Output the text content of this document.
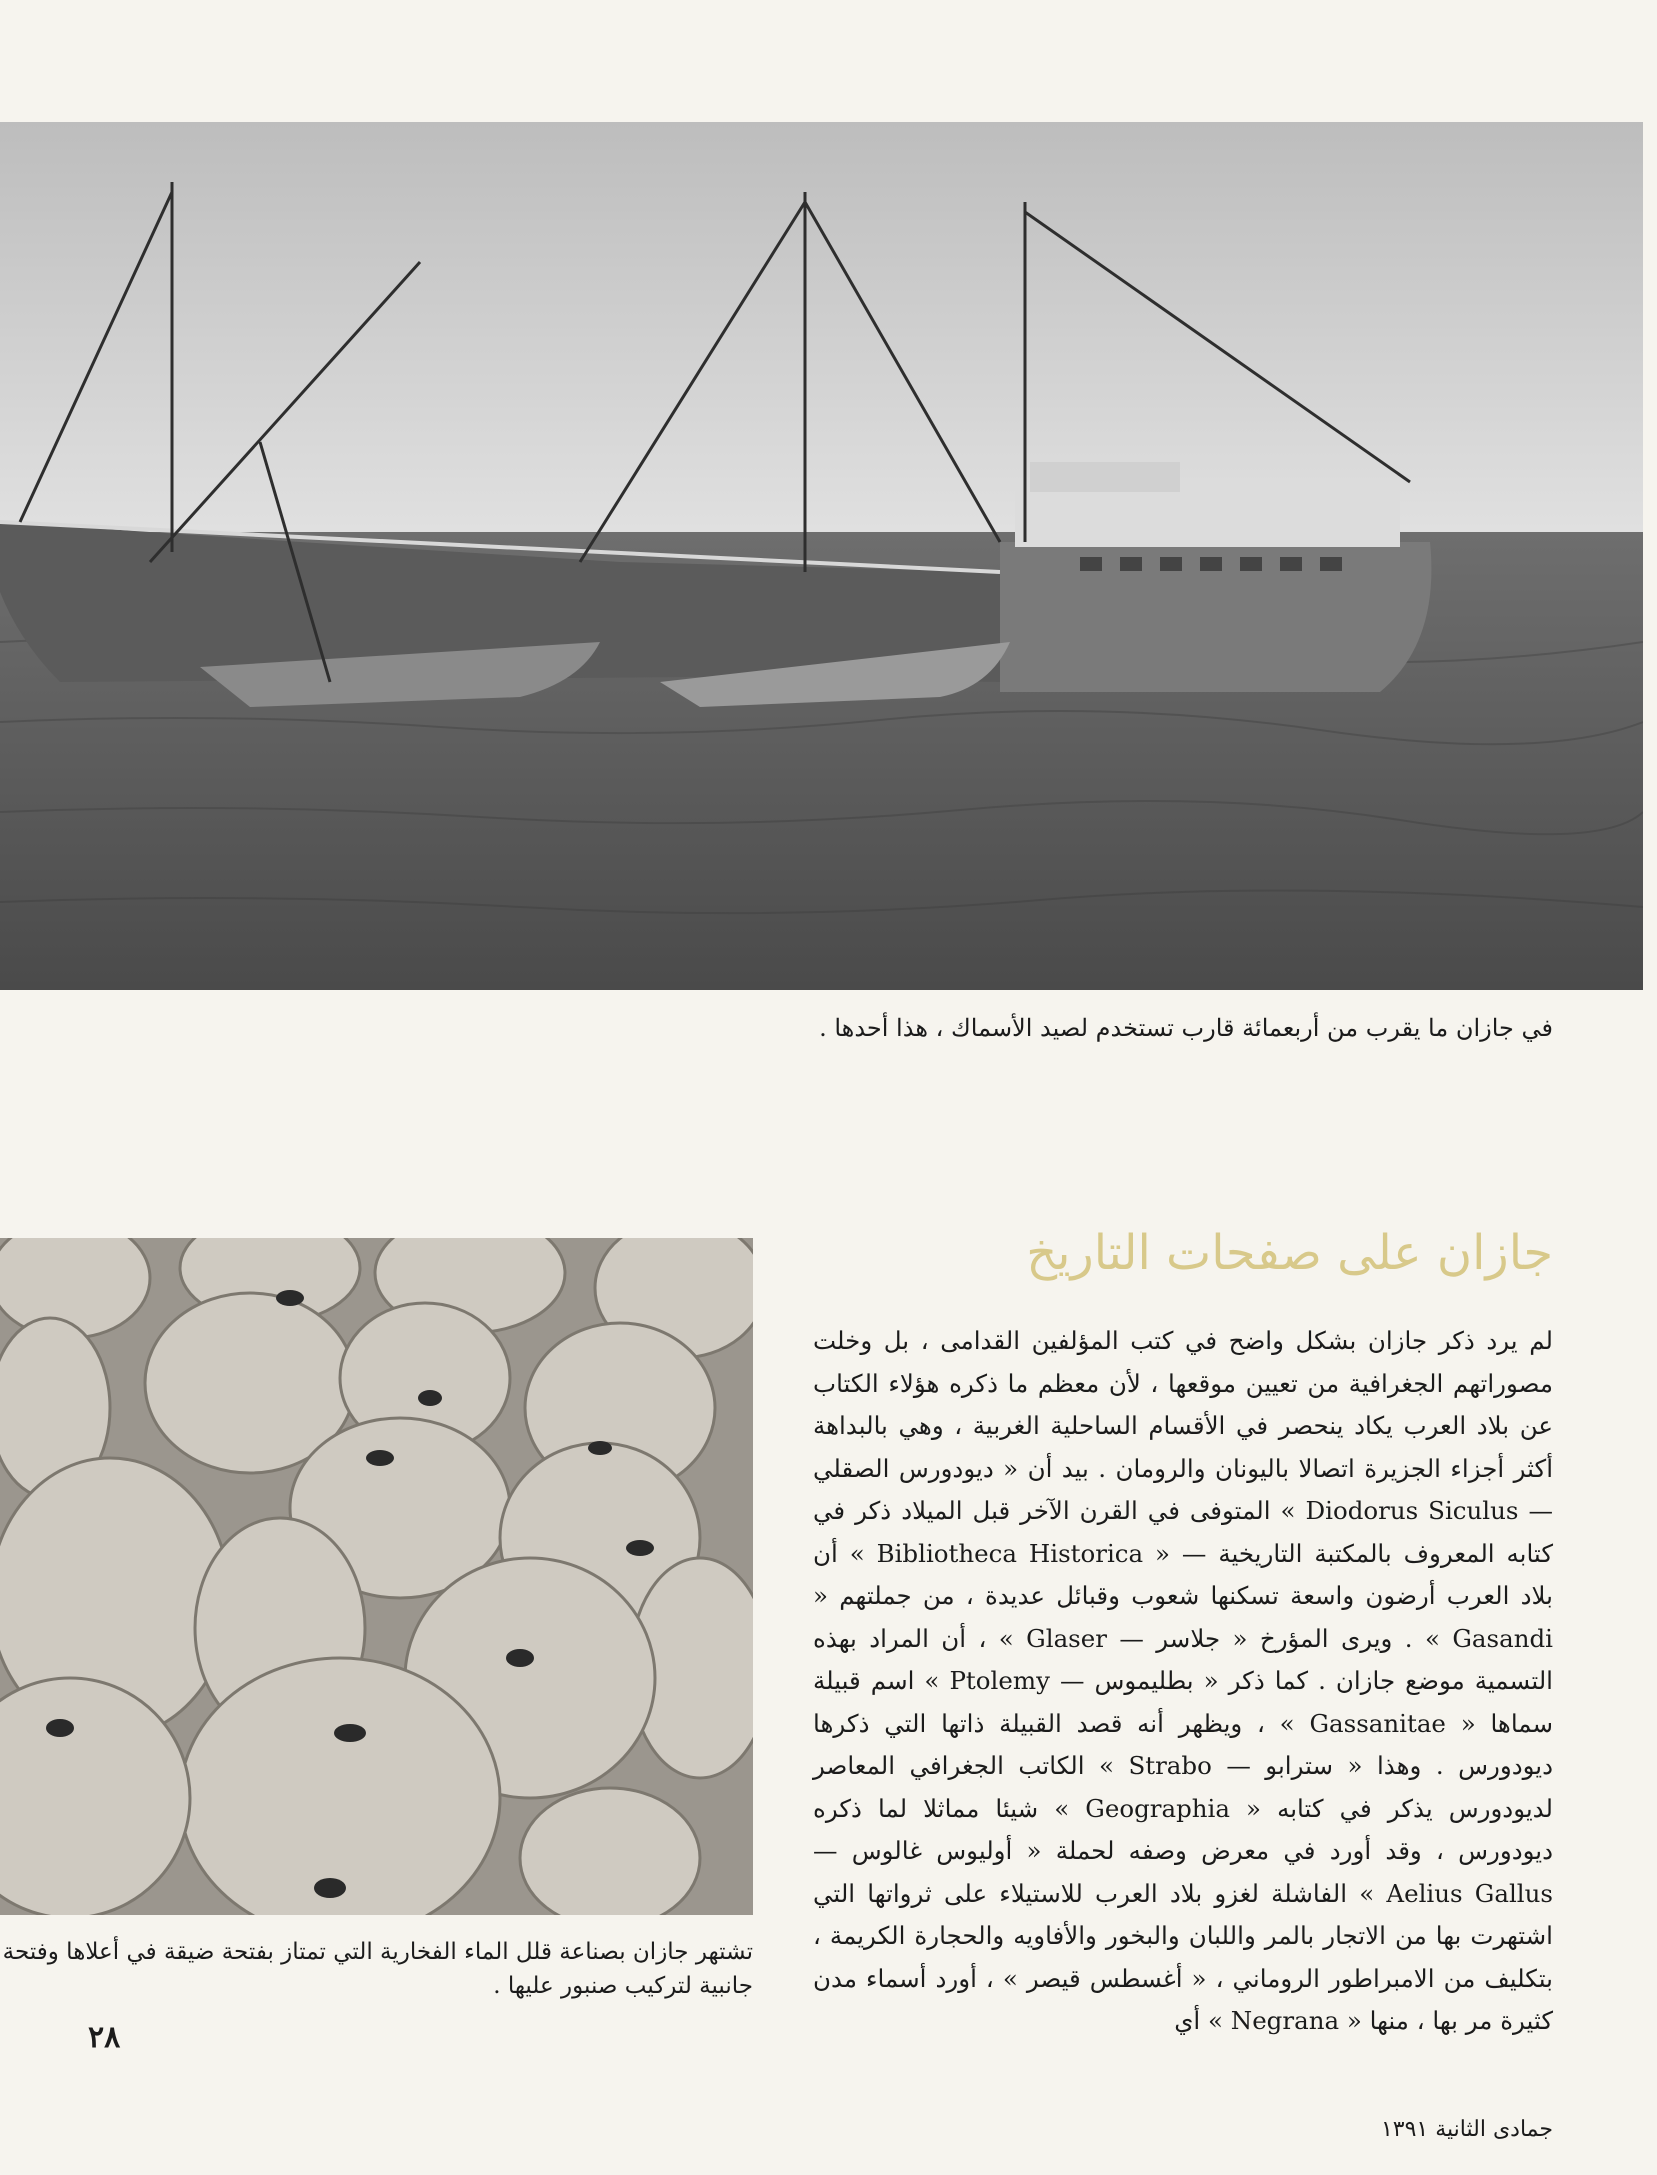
في جازان ما يقرب من أربعمائة قارب تستخدم لصيد الأسماك ، هذا أحدها .
تشتهر جازان بصناعة قلل الماء الفخارية التي تمتاز بفتحة ضيقة في أعلاها وفتحة جانبية لتركيب صنبور عليها .
جازان على صفحات التاريخ

لم يرد ذكر جازان بشكل واضح في كتب المؤلفين القدامى ، بل وخلت مصوراتهم الجغرافية من تعيين موقعها ، لأن معظم ما ذكره هؤلاء الكتاب عن بلاد العرب يكاد ينحصر في الأقسام الساحلية الغربية ، وهي بالبداهة أكثر أجزاء الجزيرة اتصالا باليونان والرومان . بيد أن « ديودورس الصقلي — Diodorus Siculus » المتوفى في القرن الآخر قبل الميلاد ذكر في كتابه المعروف بالمكتبة التاريخية — « Bibliotheca Historica » أن بلاد العرب أرضون واسعة تسكنها شعوب وقبائل عديدة ، من جملتهم « Gasandi » . ويرى المؤرخ « جلاسر — Glaser » ، أن المراد بهذه التسمية موضع جازان . كما ذكر « بطليموس — Ptolemy » اسم قبيلة سماها « Gassanitae » ، ويظهر أنه قصد القبيلة ذاتها التي ذكرها ديودورس . وهذا « سترابو — Strabo » الكاتب الجغرافي المعاصر لديودورس يذكر في كتابه « Geographia » شيئا مماثلا لما ذكره ديودورس ، وقد أورد في معرض وصفه لحملة « أوليوس غالوس — Aelius Gallus » الفاشلة لغزو بلاد العرب للاستيلاء على ثرواتها التي اشتهرت بها من الاتجار بالمر واللبان والبخور والأفاويه والحجارة الكريمة ، بتكليف من الامبراطور الروماني ، « أغسطس قيصر » ، أورد أسماء مدن كثيرة مر بها ، منها « Negrana » أي

٢٨
جمادى الثانية ١٣٩١
